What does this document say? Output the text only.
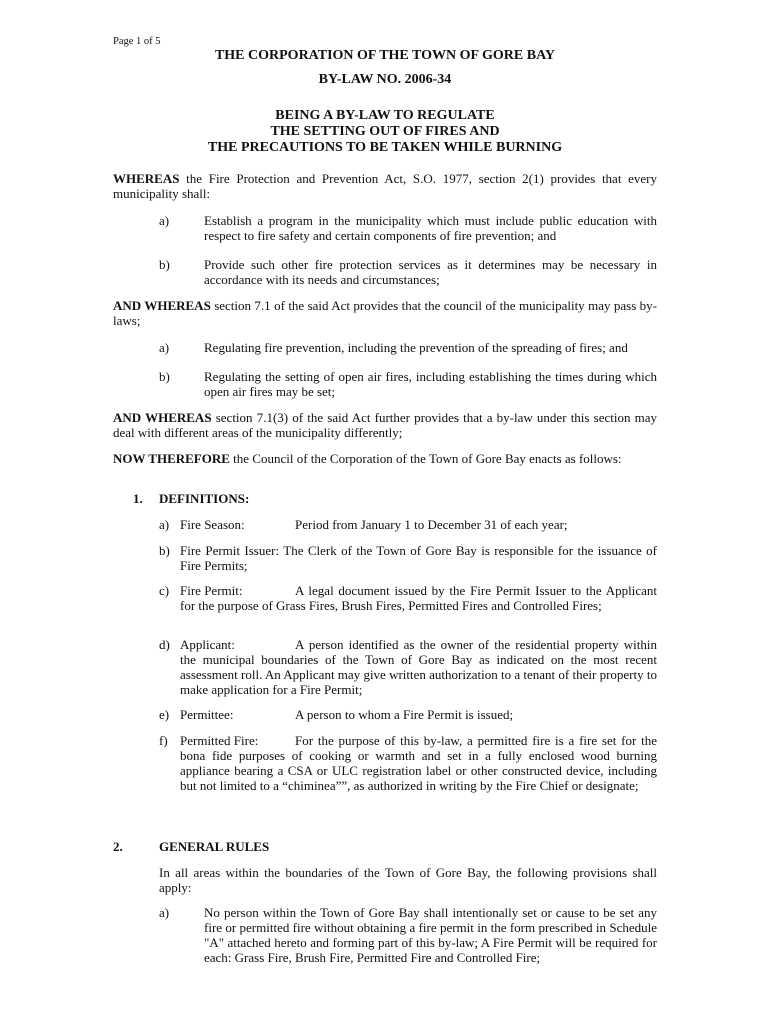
Page 1 of 5
THE CORPORATION OF THE TOWN OF GORE BAY
BY-LAW NO. 2006-34
BEING A BY-LAW TO REGULATE
THE SETTING OUT OF FIRES AND
THE PRECAUTIONS TO BE TAKEN WHILE BURNING
WHEREAS the Fire Protection and Prevention Act, S.O. 1977, section 2(1) provides that every municipality shall:
a)	Establish a program in the municipality which must include public education with respect to fire safety and certain components of fire prevention; and
b)	Provide such other fire protection services as it determines may be necessary in accordance with its needs and circumstances;
AND WHEREAS section 7.1 of the said Act provides that the council of the municipality may pass by-laws;
a)	Regulating fire prevention, including the prevention of the spreading of fires; and
b)	Regulating the setting of open air fires, including establishing the times during which open air fires may be set;
AND WHEREAS section 7.1(3) of the said Act further provides that a by-law under this section may deal with different areas of the municipality differently;
NOW THEREFORE the Council of the Corporation of the Town of Gore Bay enacts as follows:
1. DEFINITIONS:
a) Fire Season:	Period from January 1 to December 31 of each year;
b) Fire Permit Issuer: The Clerk of the Town of Gore Bay is responsible for the issuance of Fire Permits;
c) Fire Permit:	A legal document issued by the Fire Permit Issuer to the Applicant for the purpose of Grass Fires, Brush Fires, Permitted Fires and Controlled Fires;
d) Applicant:	A person identified as the owner of the residential property within the municipal boundaries of the Town of Gore Bay as indicated on the most recent assessment roll. An Applicant may give written authorization to a tenant of their property to make application for a Fire Permit;
e) Permittee:	A person to whom a Fire Permit is issued;
f) Permitted Fire:	For the purpose of this by-law, a permitted fire is a fire set for the bona fide purposes of cooking or warmth and set in a fully enclosed wood burning appliance bearing a CSA or ULC registration label or other constructed device, including but not limited to a “chiminea””, as authorized in writing by the Fire Chief or designate;
2.	GENERAL RULES
In all areas within the boundaries of the Town of Gore Bay, the following provisions shall apply:
a)	No person within the Town of Gore Bay shall intentionally set or cause to be set any fire or permitted fire without obtaining a fire permit in the form prescribed in Schedule "A" attached hereto and forming part of this by-law; A Fire Permit will be required for each: Grass Fire, Brush Fire, Permitted Fire and Controlled Fire;
